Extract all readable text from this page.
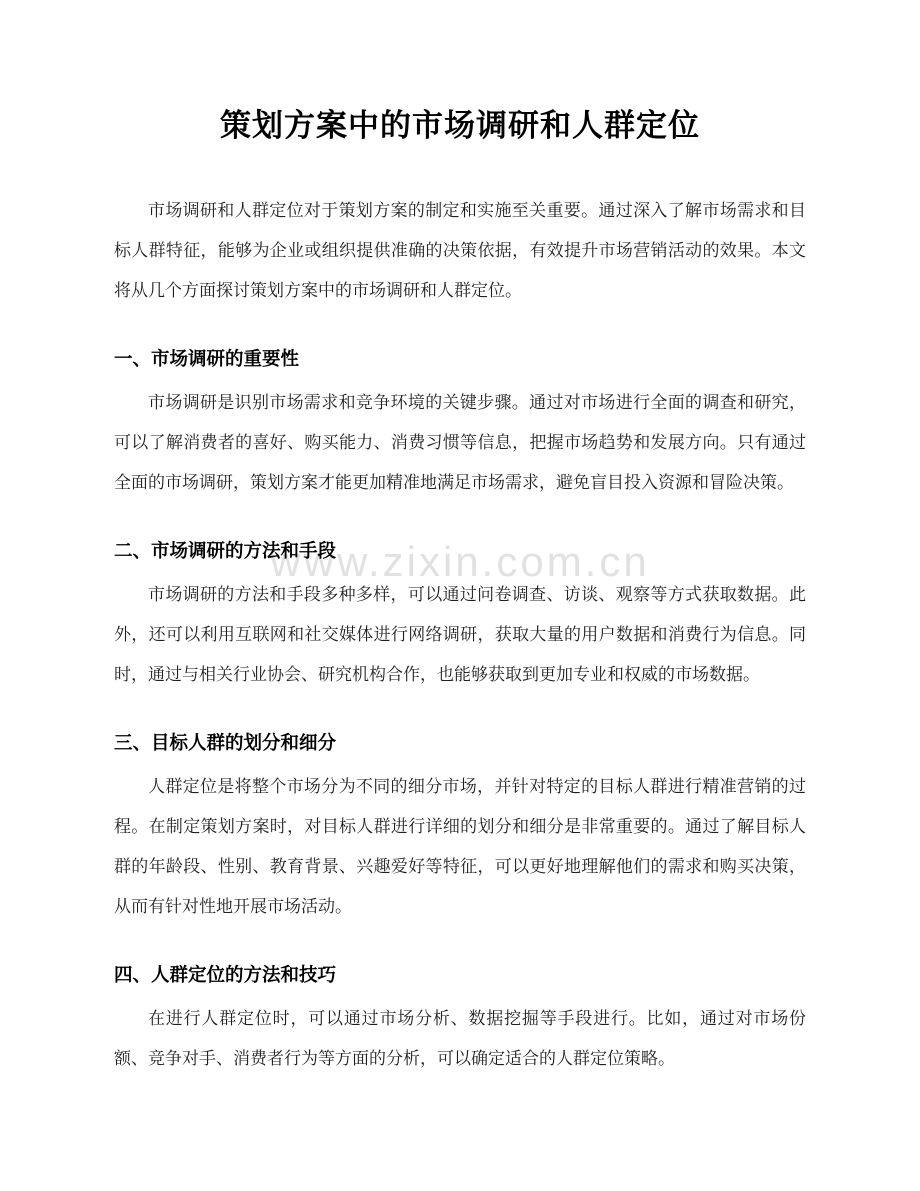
www.zixin.com.cn
策划方案中的市场调研和人群定位

市场调研和人群定位对于策划方案的制定和实施至关重要。通过深入了解市场需求和目标人群特征，能够为企业或组织提供准确的决策依据，有效提升市场营销活动的效果。本文将从几个方面探讨策划方案中的市场调研和人群定位。

一、市场调研的重要性

市场调研是识别市场需求和竞争环境的关键步骤。通过对市场进行全面的调查和研究，可以了解消费者的喜好、购买能力、消费习惯等信息，把握市场趋势和发展方向。只有通过全面的市场调研，策划方案才能更加精准地满足市场需求，避免盲目投入资源和冒险决策。

二、市场调研的方法和手段

市场调研的方法和手段多种多样，可以通过问卷调查、访谈、观察等方式获取数据。此外，还可以利用互联网和社交媒体进行网络调研，获取大量的用户数据和消费行为信息。同时，通过与相关行业协会、研究机构合作，也能够获取到更加专业和权威的市场数据。

三、目标人群的划分和细分

人群定位是将整个市场分为不同的细分市场，并针对特定的目标人群进行精准营销的过程。在制定策划方案时，对目标人群进行详细的划分和细分是非常重要的。通过了解目标人群的年龄段、性别、教育背景、兴趣爱好等特征，可以更好地理解他们的需求和购买决策，从而有针对性地开展市场活动。

四、人群定位的方法和技巧

在进行人群定位时，可以通过市场分析、数据挖掘等手段进行。比如，通过对市场份额、竞争对手、消费者行为等方面的分析，可以确定适合的人群定位策略。
